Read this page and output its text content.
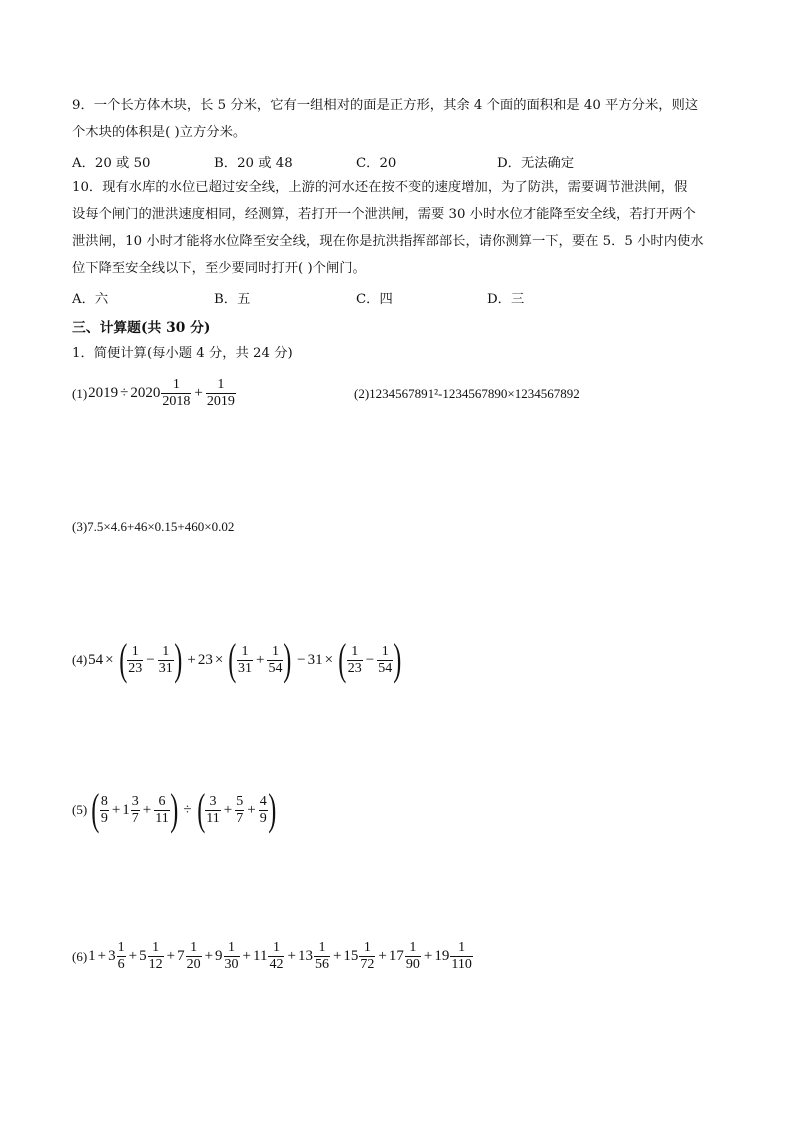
9．一个长方体木块，长 5 分米，它有一组相对的面是正方形，其余 4 个面的面积和是 40 平方分米，则这
个木块的体积是( )立方分米。
A．20 或 50	B．20 或 48	C．20	D．无法确定
10．现有水库的水位已超过安全线，上游的河水还在按不变的速度增加，为了防洪，需要调节泄洪闸，假
设每个闸门的泄洪速度相同，经测算，若打开一个泄洪闸，需要 30 小时水位才能降至安全线，若打开两个
泄洪闸，10 小时才能将水位降至安全线，现在你是抗洪指挥部部长，请你测算一下，要在 5．5 小时内使水
位下降至安全线以下，至少要同时打开( )个闸门。
A．六	B．五	C．四	D．三
三、计算题(共 30 分)
1．简便计算(每小题 4 分，共 24 分)
(1) $2019 \div 2020 \frac{1}{2018} + \frac{1}{2019}$	(2)1234567891²-1234567890×1234567892
(3)7.5×4.6+46×0.15+460×0.02
(4) 54 × ( $\frac{1}{23} - \frac{1}{31}$ ) + 23 × ( $\frac{1}{31} + \frac{1}{54}$ ) − 31 × ( $\frac{1}{23} - \frac{1}{54}$ )
(5) ( $\frac{8}{9} + 1 \frac{3}{7} + \frac{6}{11}$ ) ÷ ( $\frac{3}{11} + \frac{5}{7} + \frac{4}{9}$ )
(6) $1 + 3 \frac{1}{6} + 5 \frac{1}{12} + 7 \frac{1}{20} + 9 \frac{1}{30} + 11 \frac{1}{42} + 13 \frac{1}{56} + 15 \frac{1}{72} + 17 \frac{1}{90} + 19 \frac{1}{110}$
